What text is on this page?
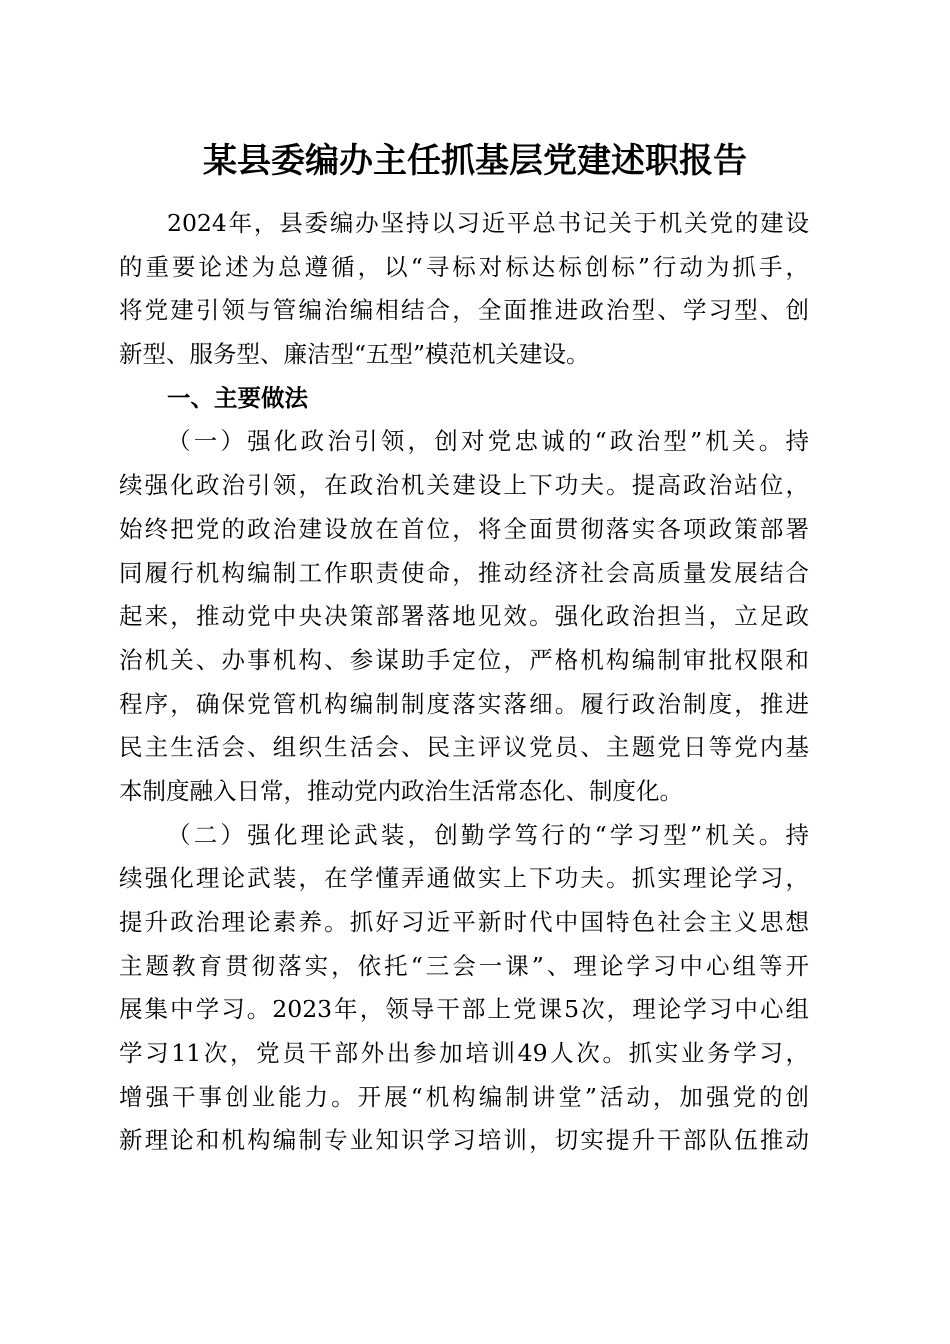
某县委编办主任抓基层党建述职报告
2024年，县委编办坚持以习近平总书记关于机关党的建设
的重要论述为总遵循，以“寻标对标达标创标”行动为抓手，
将党建引领与管编治编相结合，全面推进政治型、学习型、创
新型、服务型、廉洁型“五型”模范机关建设。
一、主要做法
（一）强化政治引领，创对党忠诚的“政治型”机关。持
续强化政治引领，在政治机关建设上下功夫。提高政治站位，
始终把党的政治建设放在首位，将全面贯彻落实各项政策部署
同履行机构编制工作职责使命，推动经济社会高质量发展结合
起来，推动党中央决策部署落地见效。强化政治担当，立足政
治机关、办事机构、参谋助手定位，严格机构编制审批权限和
程序，确保党管机构编制制度落实落细。履行政治制度，推进
民主生活会、组织生活会、民主评议党员、主题党日等党内基
本制度融入日常，推动党内政治生活常态化、制度化。
（二）强化理论武装，创勤学笃行的“学习型”机关。持
续强化理论武装，在学懂弄通做实上下功夫。抓实理论学习，
提升政治理论素养。抓好习近平新时代中国特色社会主义思想
主题教育贯彻落实，依托“三会一课”、理论学习中心组等开
展集中学习。2023年，领导干部上党课5次，理论学习中心组
学习11次，党员干部外出参加培训49人次。抓实业务学习，
增强干事创业能力。开展“机构编制讲堂”活动，加强党的创
新理论和机构编制专业知识学习培训，切实提升干部队伍推动
